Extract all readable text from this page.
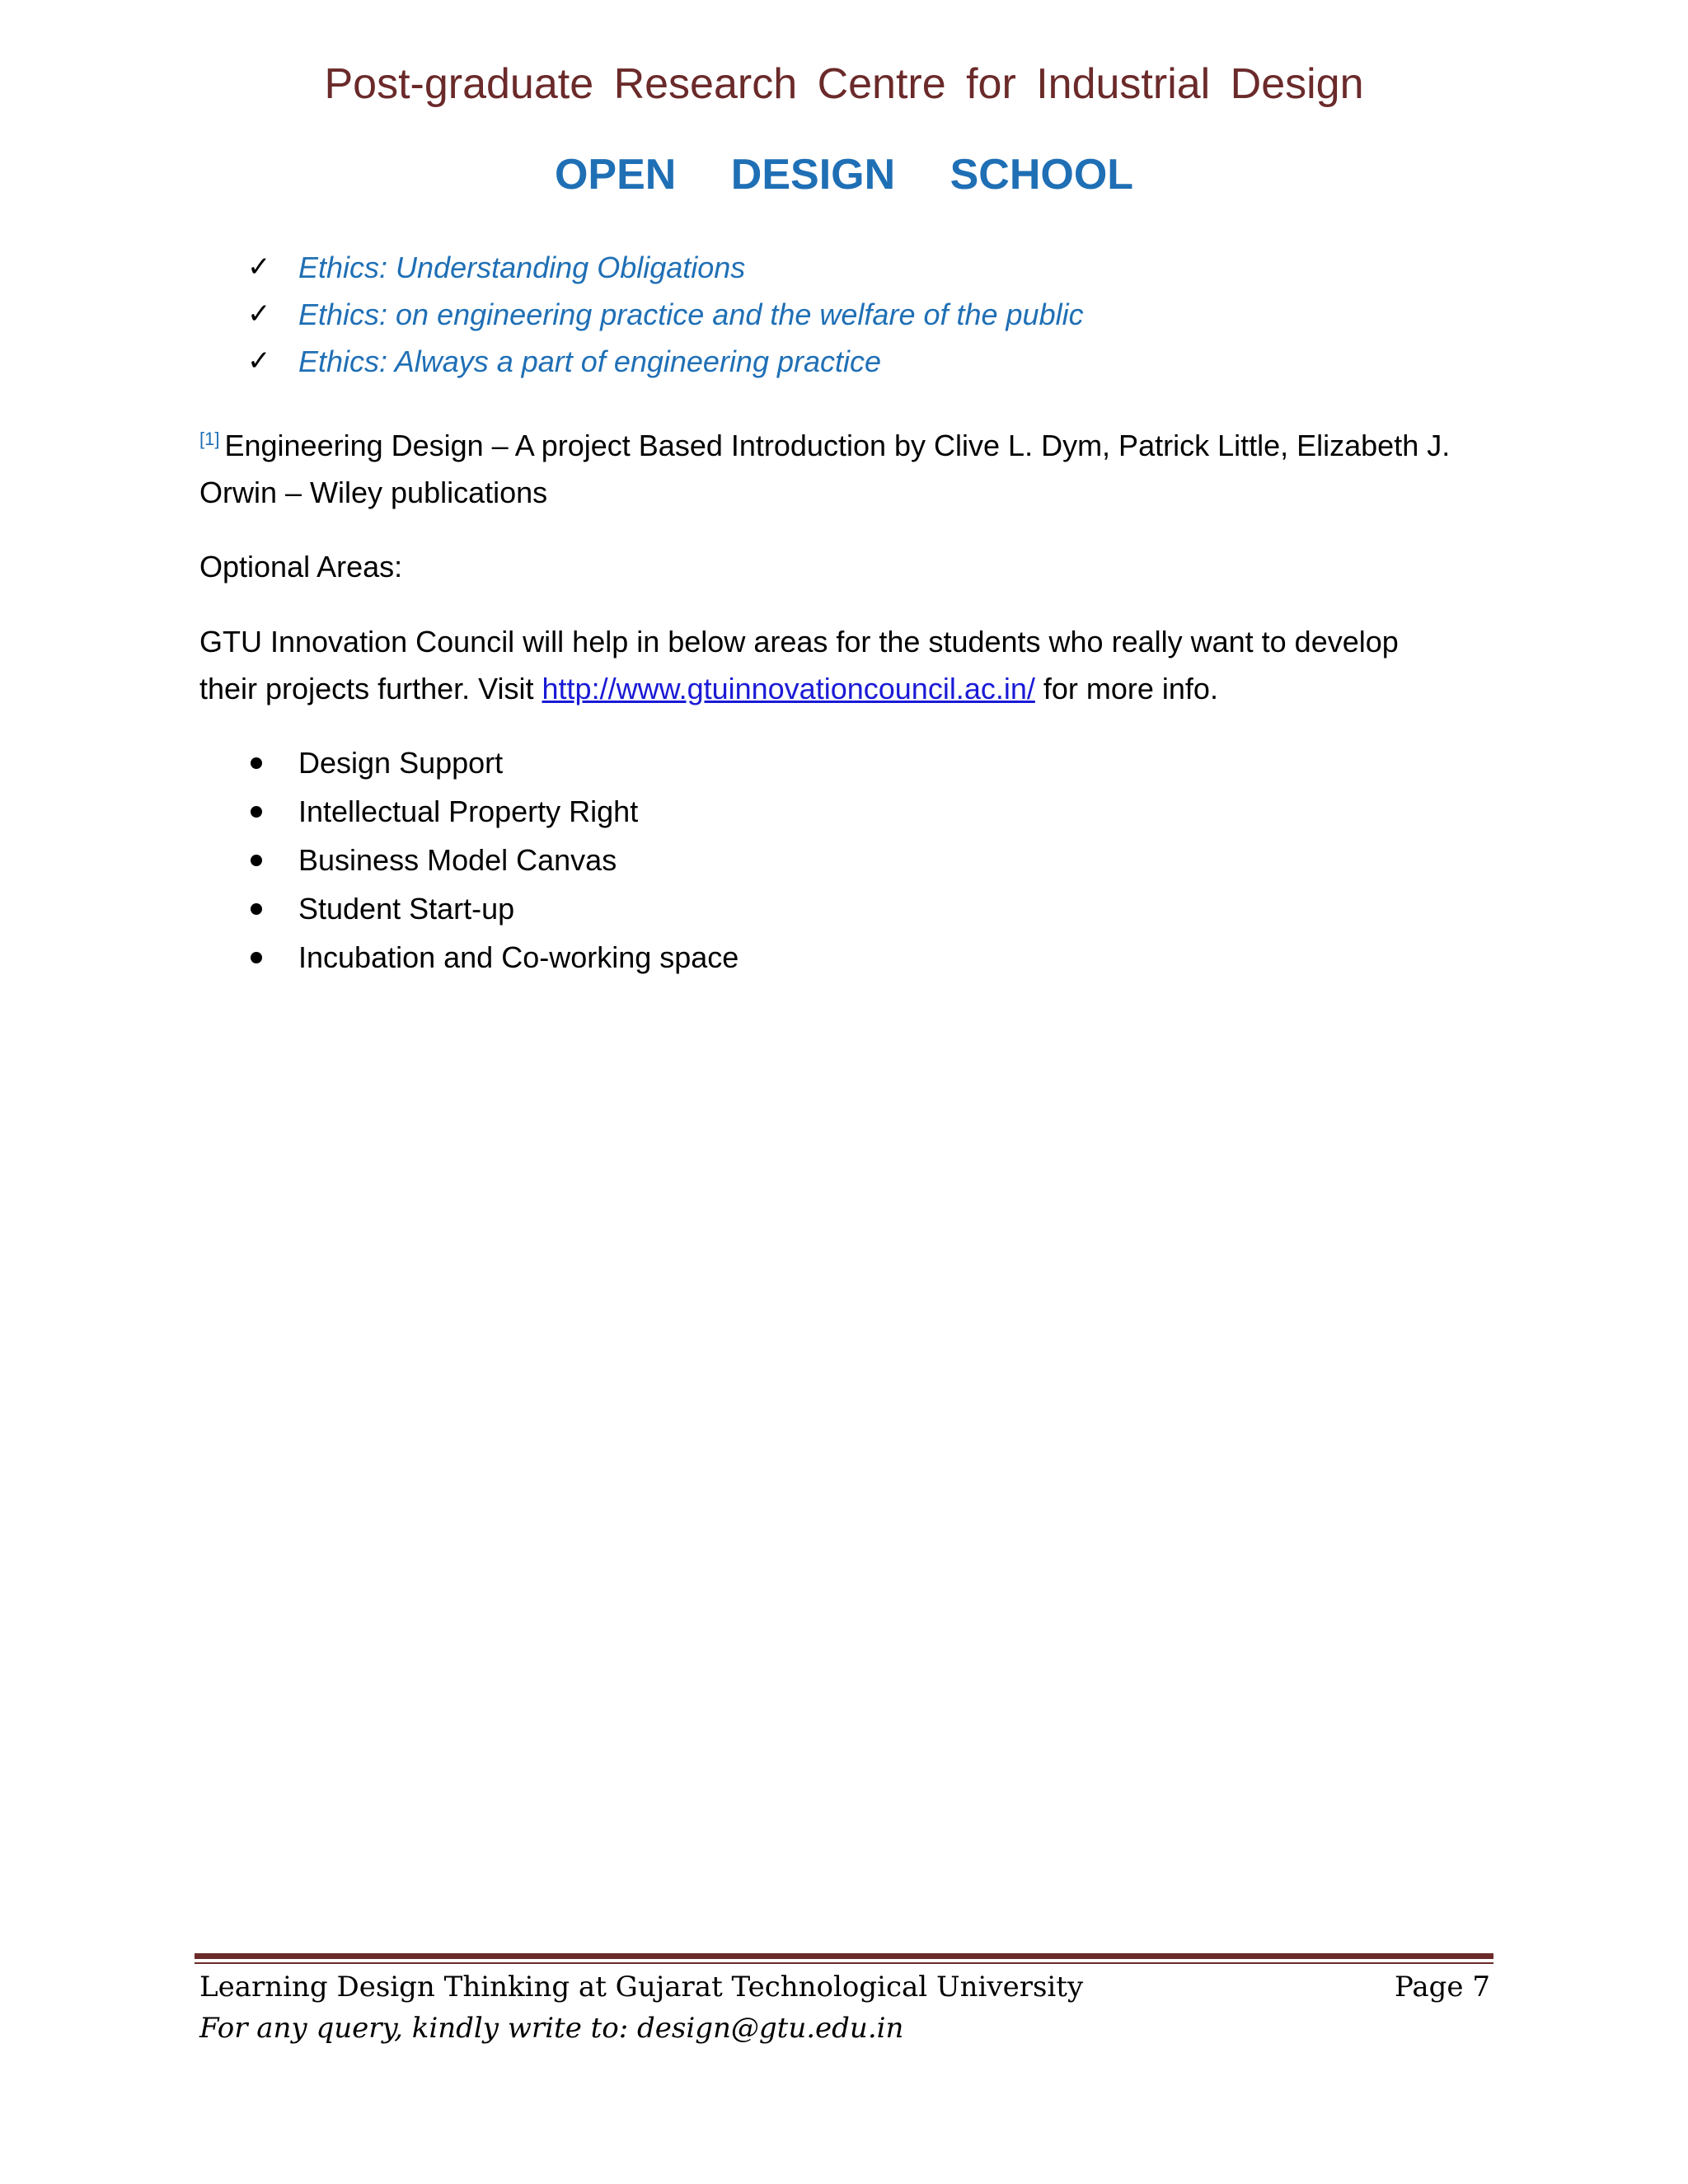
Post-graduate Research Centre for Industrial Design
OPEN DESIGN SCHOOL
✓ Ethics: Understanding Obligations
✓ Ethics: on engineering practice and the welfare of the public
✓ Ethics: Always a part of engineering practice

[1] Engineering Design – A project Based Introduction by Clive L. Dym, Patrick Little, Elizabeth J.
Orwin – Wiley publications

Optional Areas:

GTU Innovation Council will help in below areas for the students who really want to develop
their projects further. Visit http://www.gtuinnovationcouncil.ac.in/ for more info.

Design Support
Intellectual Property Right
Business Model Canvas
Student Start-up
Incubation and Co-working space
Learning Design Thinking at Gujarat Technological University	Page 7
For any query, kindly write to: design@gtu.edu.in
